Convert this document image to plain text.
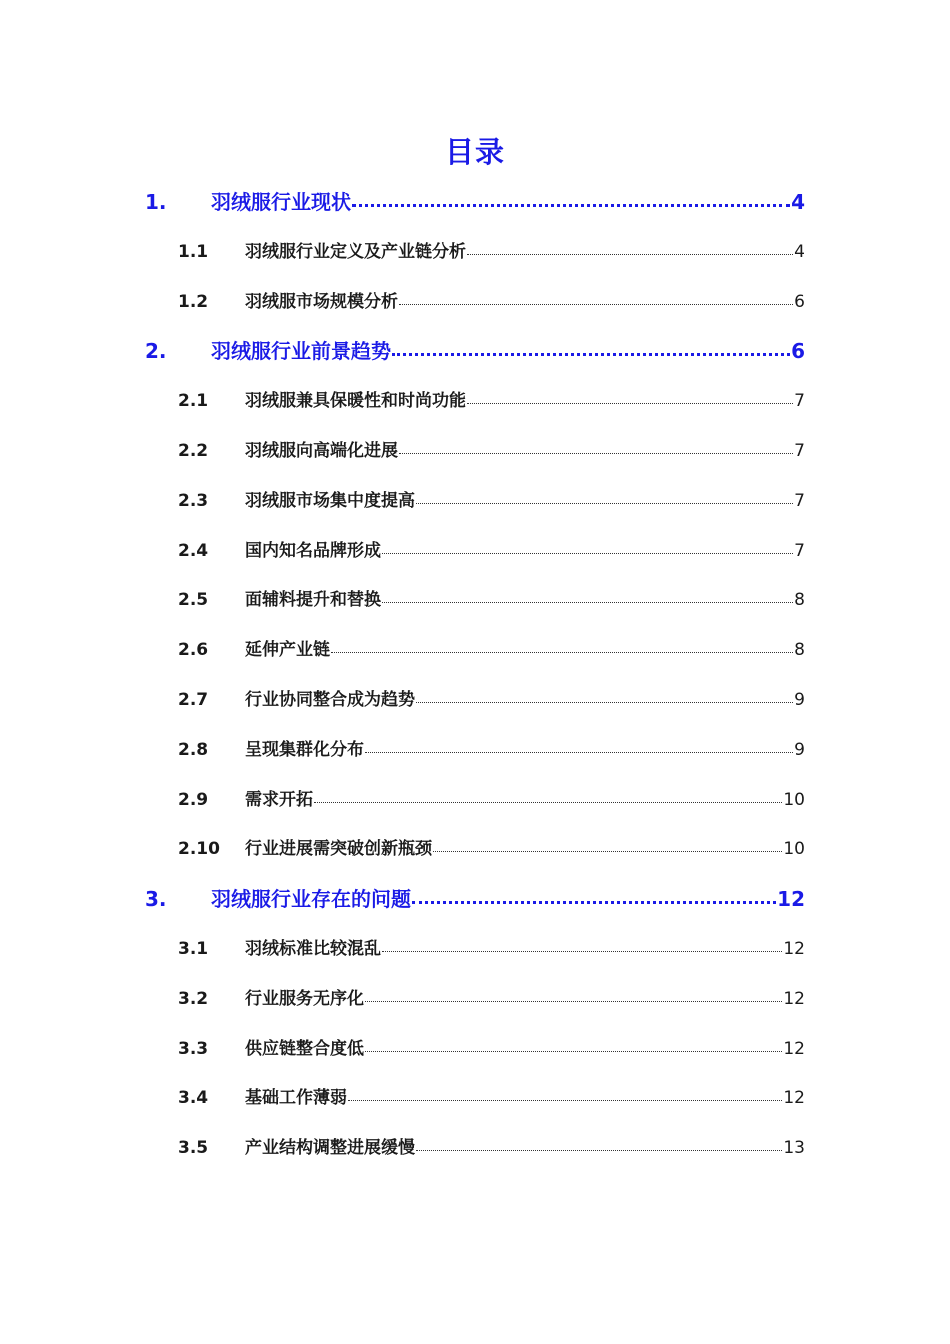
目录
1.	羽绒服行业现状	4
1.1	羽绒服行业定义及产业链分析	4
1.2	羽绒服市场规模分析	6
2.	羽绒服行业前景趋势	6
2.1	羽绒服兼具保暖性和时尚功能	7
2.2	羽绒服向高端化进展	7
2.3	羽绒服市场集中度提高	7
2.4	国内知名品牌形成	7
2.5	面辅料提升和替换	8
2.6	延伸产业链	8
2.7	行业协同整合成为趋势	9
2.8	呈现集群化分布	9
2.9	需求开拓	10
2.10	行业进展需突破创新瓶颈	10
3.	羽绒服行业存在的问题	12
3.1	羽绒标准比较混乱	12
3.2	行业服务无序化	12
3.3	供应链整合度低	12
3.4	基础工作薄弱	12
3.5	产业结构调整进展缓慢	13
